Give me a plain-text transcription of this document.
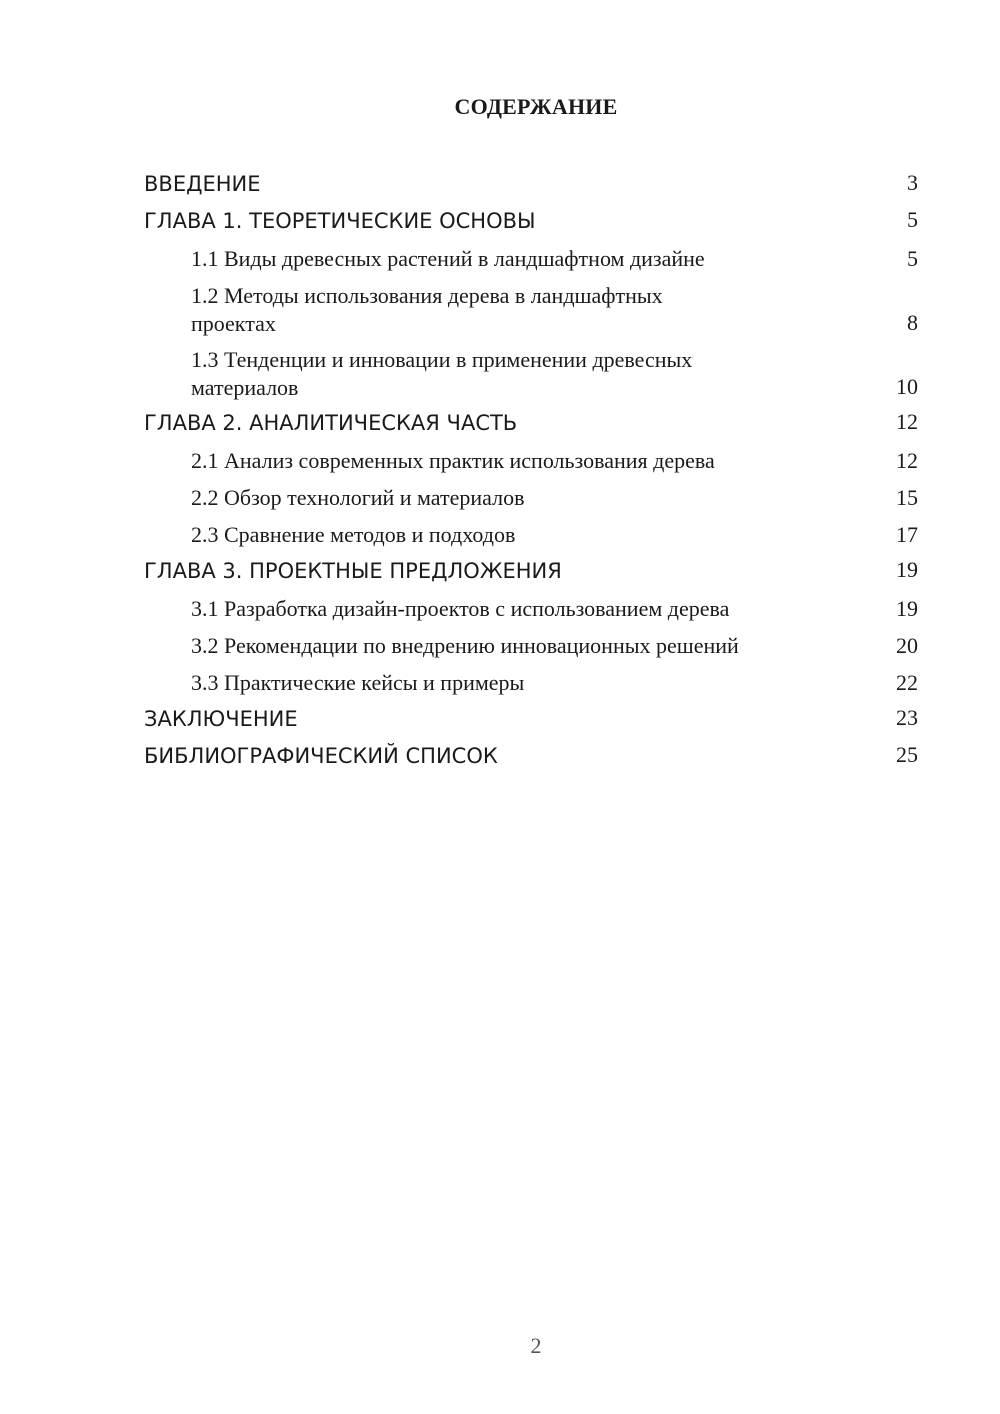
СОДЕРЖАНИЕ
ВВЕДЕНИЕ	3
ГЛАВА 1. ТЕОРЕТИЧЕСКИЕ ОСНОВЫ	5
1.1 Виды древесных растений в ландшафтном дизайне	5
1.2 Методы использования дерева в ландшафтных проектах	8
1.3 Тенденции и инновации в применении древесных материалов	10
ГЛАВА 2. АНАЛИТИЧЕСКАЯ ЧАСТЬ	12
2.1 Анализ современных практик использования дерева	12
2.2 Обзор технологий и материалов	15
2.3 Сравнение методов и подходов	17
ГЛАВА 3. ПРОЕКТНЫЕ ПРЕДЛОЖЕНИЯ	19
3.1 Разработка дизайн-проектов с использованием дерева	19
3.2 Рекомендации по внедрению инновационных решений	20
3.3 Практические кейсы и примеры	22
ЗАКЛЮЧЕНИЕ	23
БИБЛИОГРАФИЧЕСКИЙ СПИСОК	25
2
